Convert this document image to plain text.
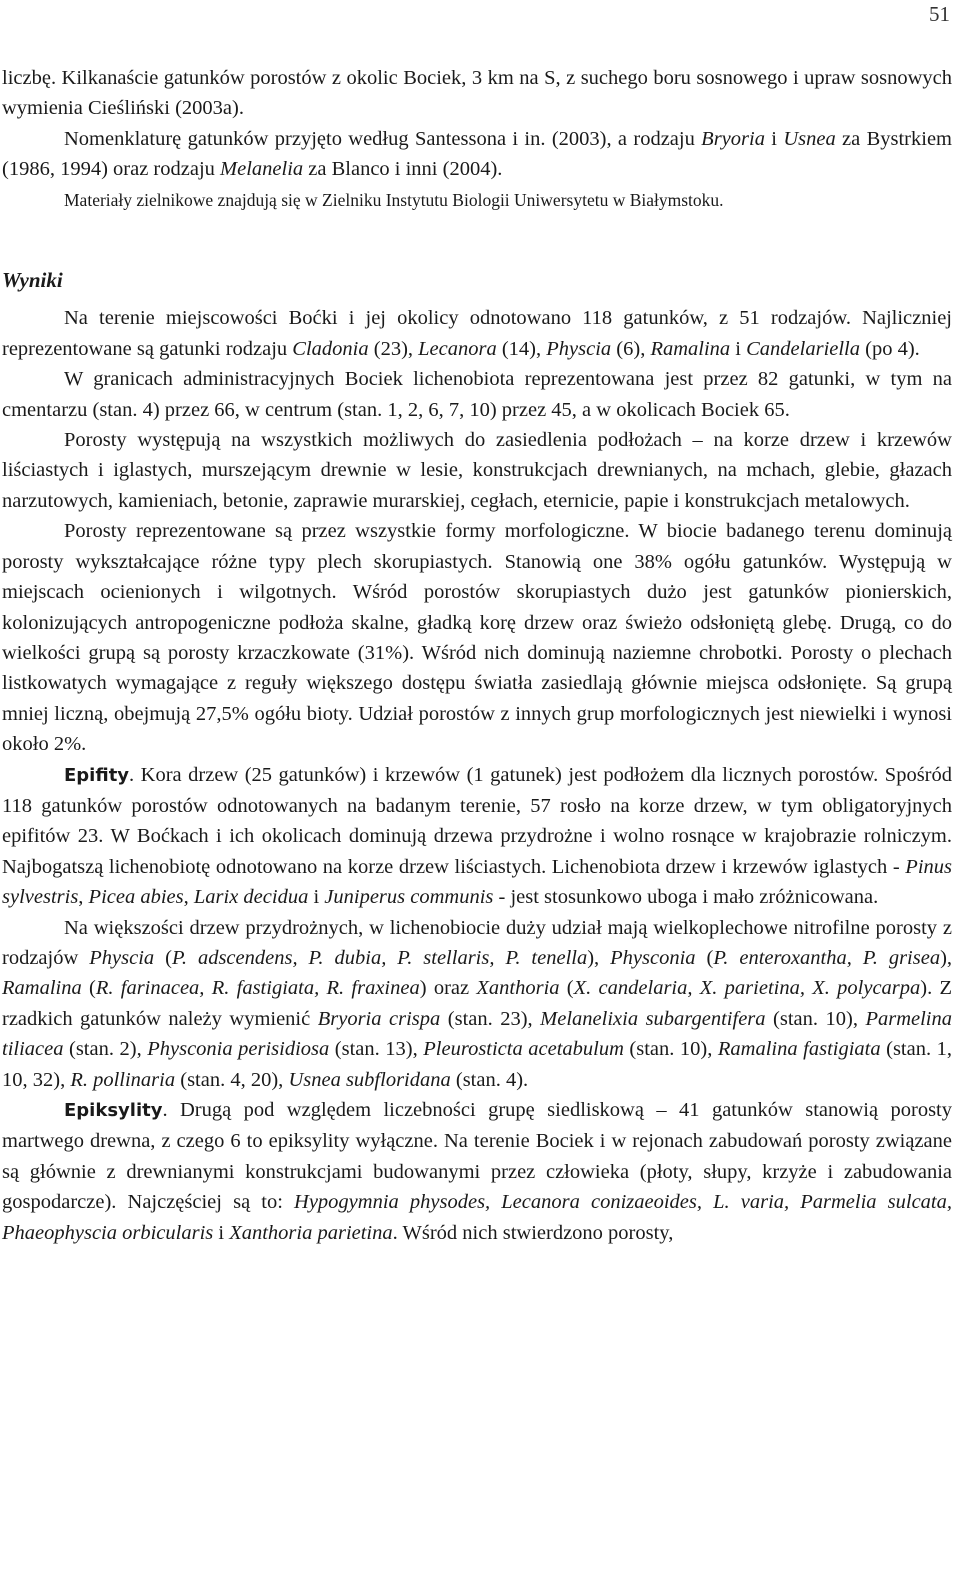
51

liczbę. Kilkanaście gatunków porostów z okolic Bociek, 3 km na S, z suchego boru sosnowego i upraw sosnowych wymienia Cieśliński (2003a).

Nomenklaturę gatunków przyjęto według Santessona i in. (2003), a rodzaju Bryoria i Usnea za Bystrkiem (1986, 1994) oraz rodzaju Melanelia za Blanco i inni (2004).

Materiały zielnikowe znajdują się w Zielniku Instytutu Biologii Uniwersytetu w Białymstoku.

Wyniki

Na terenie miejscowości Boćki i jej okolicy odnotowano 118 gatunków, z 51 rodzajów. Najliczniej reprezentowane są gatunki rodzaju Cladonia (23), Lecanora (14), Physcia (6), Ramalina i Candelariella (po 4).

W granicach administracyjnych Bociek lichenobiota reprezentowana jest przez 82 gatunki, w tym na cmentarzu (stan. 4) przez 66, w centrum (stan. 1, 2, 6, 7, 10) przez 45, a w okolicach Bociek 65.

Porosty występują na wszystkich możliwych do zasiedlenia podłożach – na korze drzew i krzewów liściastych i iglastych, murszejącym drewnie w lesie, konstrukcjach drewnianych, na mchach, glebie, głazach narzutowych, kamieniach, betonie, zaprawie murarskiej, cegłach, eternicie, papie i konstrukcjach metalowych.

Porosty reprezentowane są przez wszystkie formy morfologiczne. W biocie badanego terenu dominują porosty wykształcające różne typy plech skorupiastych. Stanowią one 38% ogółu gatunków. Występują w miejscach ocienionych i wilgotnych. Wśród porostów skorupiastych dużo jest gatunków pionierskich, kolonizujących antropogeniczne podłoża skalne, gładką korę drzew oraz świeżo odsłoniętą glebę. Drugą, co do wielkości grupą są porosty krzaczkowate (31%). Wśród nich dominują naziemne chrobotki. Porosty o plechach listkowatych wymagające z reguły większego dostępu światła zasiedlają głównie miejsca odsłonięte. Są grupą mniej liczną, obejmują 27,5% ogółu bioty. Udział porostów z innych grup morfologicznych jest niewielki i wynosi około 2%.

Epifity. Kora drzew (25 gatunków) i krzewów (1 gatunek) jest podłożem dla licznych porostów. Spośród 118 gatunków porostów odnotowanych na badanym terenie, 57 rosło na korze drzew, w tym obligatoryjnych epifitów 23. W Boćkach i ich okolicach dominują drzewa przydrożne i wolno rosnące w krajobrazie rolniczym. Najbogatszą lichenobiotę odnotowano na korze drzew liściastych. Lichenobiota drzew i krzewów iglastych - Pinus sylvestris, Picea abies, Larix decidua i Juniperus communis - jest stosunkowo uboga i mało zróżnicowana.

Na większości drzew przydrożnych, w lichenobiocie duży udział mają wielkoplechowe nitrofilne porosty z rodzajów Physcia (P. adscendens, P. dubia, P. stellaris, P. tenella), Physconia (P. enteroxantha, P. grisea), Ramalina (R. farinacea, R. fastigiata, R. fraxinea) oraz Xanthoria (X. candelaria, X. parietina, X. polycarpa). Z rzadkich gatunków należy wymienić Bryoria crispa (stan. 23), Melanelixia subargentifera (stan. 10), Parmelina tiliacea (stan. 2), Physconia perisidiosa (stan. 13), Pleurosticta acetabulum (stan. 10), Ramalina fastigiata (stan. 1, 10, 32), R. pollinaria (stan. 4, 20), Usnea subfloridana (stan. 4).

Epiksylity. Drugą pod względem liczebności grupę siedliskową – 41 gatunków stanowią porosty martwego drewna, z czego 6 to epiksylity wyłączne. Na terenie Bociek i w rejonach zabudowań porosty związane są głównie z drewnianymi konstrukcjami budowanymi przez człowieka (płoty, słupy, krzyże i zabudowania gospodarcze). Najczęściej są to: Hypogymnia physodes, Lecanora conizaeoides, L. varia, Parmelia sulcata, Phaeophyscia orbicularis i Xanthoria parietina. Wśród nich stwierdzono porosty,
